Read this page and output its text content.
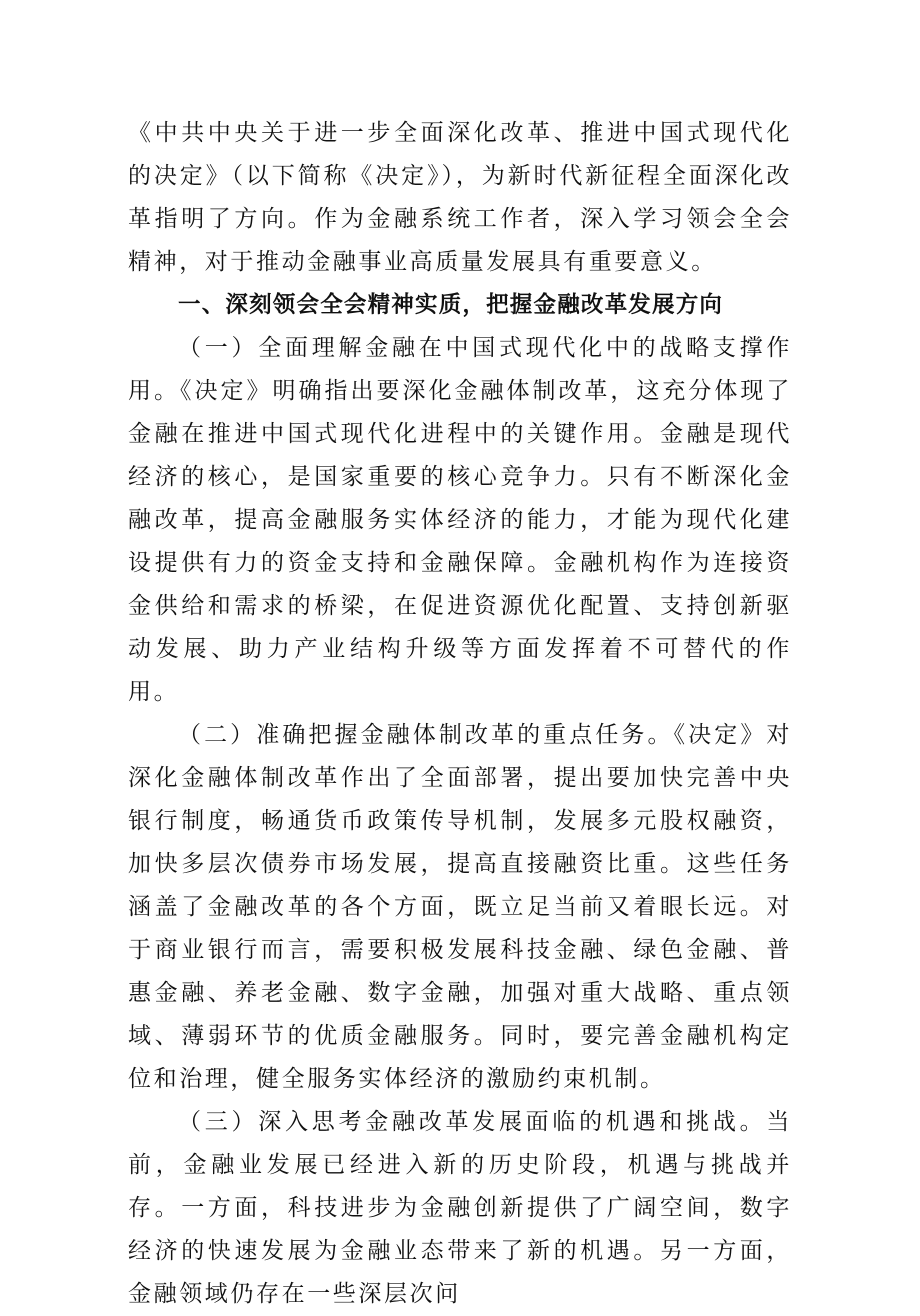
《中共中央关于进一步全面深化改革、推进中国式现代化的决定》（以下简称《决定》），为新时代新征程全面深化改革指明了方向。作为金融系统工作者，深入学习领会全会精神，对于推动金融事业高质量发展具有重要意义。

一、深刻领会全会精神实质，把握金融改革发展方向

（一）全面理解金融在中国式现代化中的战略支撑作用。《决定》明确指出要深化金融体制改革，这充分体现了金融在推进中国式现代化进程中的关键作用。金融是现代经济的核心，是国家重要的核心竞争力。只有不断深化金融改革，提高金融服务实体经济的能力，才能为现代化建设提供有力的资金支持和金融保障。金融机构作为连接资金供给和需求的桥梁，在促进资源优化配置、支持创新驱动发展、助力产业结构升级等方面发挥着不可替代的作用。

（二）准确把握金融体制改革的重点任务。《决定》对深化金融体制改革作出了全面部署，提出要加快完善中央银行制度，畅通货币政策传导机制，发展多元股权融资，加快多层次债券市场发展，提高直接融资比重。这些任务涵盖了金融改革的各个方面，既立足当前又着眼长远。对于商业银行而言，需要积极发展科技金融、绿色金融、普惠金融、养老金融、数字金融，加强对重大战略、重点领域、薄弱环节的优质金融服务。同时，要完善金融机构定位和治理，健全服务实体经济的激励约束机制。

（三）深入思考金融改革发展面临的机遇和挑战。当前，金融业发展已经进入新的历史阶段，机遇与挑战并存。一方面，科技进步为金融创新提供了广阔空间，数字经济的快速发展为金融业态带来了新的机遇。另一方面，金融领域仍存在一些深层次问
